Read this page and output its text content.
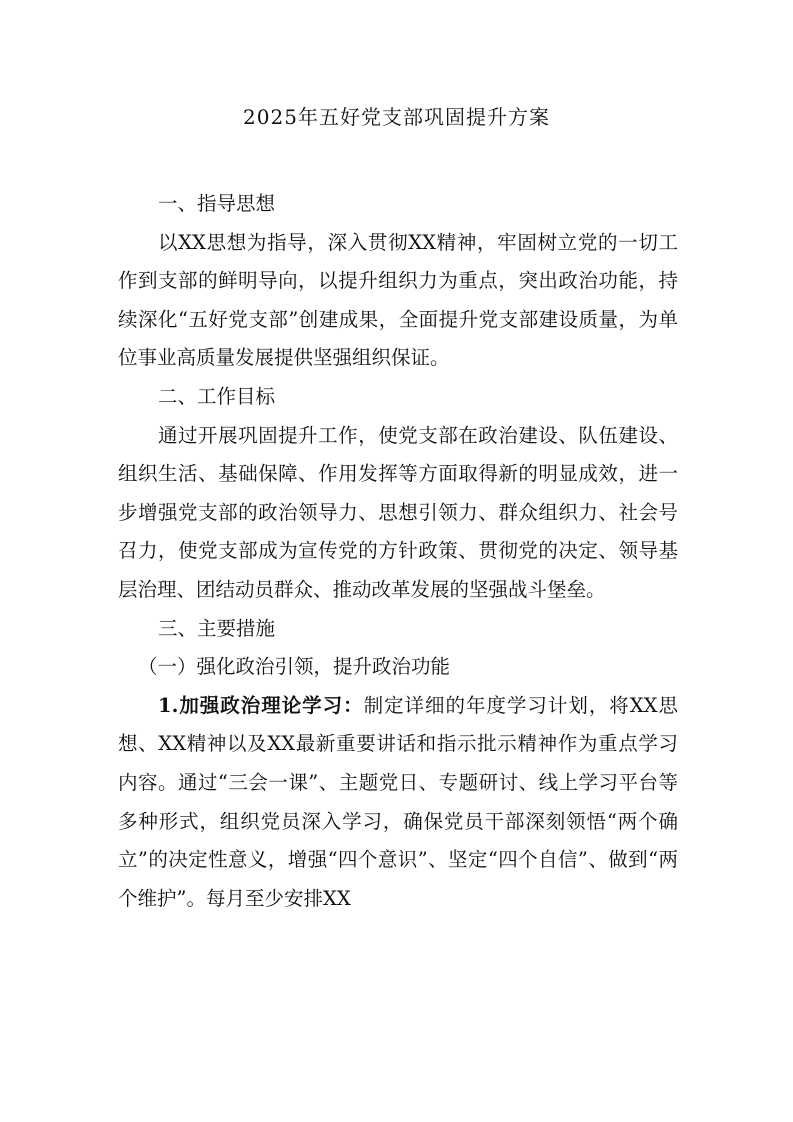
2025年五好党支部巩固提升方案

一、指导思想

以XX思想为指导，深入贯彻XX精神，牢固树立党的一切工作到支部的鲜明导向，以提升组织力为重点，突出政治功能，持续深化“五好党支部”创建成果，全面提升党支部建设质量，为单位事业高质量发展提供坚强组织保证。

二、工作目标

通过开展巩固提升工作，使党支部在政治建设、队伍建设、组织生活、基础保障、作用发挥等方面取得新的明显成效，进一步增强党支部的政治领导力、思想引领力、群众组织力、社会号召力，使党支部成为宣传党的方针政策、贯彻党的决定、领导基层治理、团结动员群众、推动改革发展的坚强战斗堡垒。

三、主要措施

（一）强化政治引领，提升政治功能

1.加强政治理论学习：制定详细的年度学习计划，将XX思想、XX精神以及XX最新重要讲话和指示批示精神作为重点学习内容。通过“三会一课”、主题党日、专题研讨、线上学习平台等多种形式，组织党员深入学习，确保党员干部深刻领悟“两个确立”的决定性意义，增强“四个意识”、坚定“四个自信”、做到“两个维护”。每月至少安排XX
